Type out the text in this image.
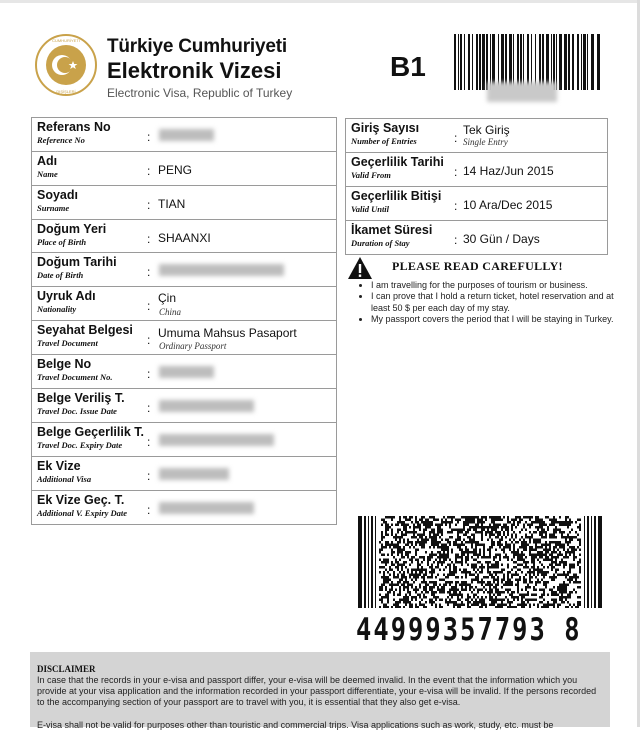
CUMHURİYETİ
DIŞİŞLERİ
Türkiye Cumhuriyeti
Elektronik Vizesi
Electronic Visa, Republic of Turkey
B1
Referans No
Reference No	:

Adı
Name	: PENG

Soyadı
Surname	: TIAN

Doğum Yeri
Place of Birth	: SHAANXI

Doğum Tarihi
Date of Birth	:

Uyruk Adı
Nationality	:
Çin
China

Seyahat Belgesi
Travel Document	: Umuma Mahsus Pasaport
Ordinary Passport

Belge No
Travel Document No.	:

Belge Veriliş T.
Travel Doc. Issue Date	:

Belge Geçerlilik T.
Travel Doc. Expiry Date :

Ek Vize
Additional Visa	:

Ek Vize Geç. T.
Additional V. Expiry Date :
Giriş Sayısı
Number of Entries	:
Tek Giriş
Single Entry

Geçerlilik Tarihi
Valid From	: 14 Haz/Jun 2015

Geçerlilik Bitişi
Valid Until	: 10 Ara/Dec 2015

İkamet Süresi
Duration of Stay	: 30 Gün / Days
PLEASE READ CAREFULLY!
• I am travelling for the purposes of tourism or business.
• I can prove that I hold a return ticket, hotel reservation and at least 50 $ per each day of my stay.
• My passport covers the period that I will be staying in Turkey.
44999357793 8
DISCLAIMER
In case that the records in your e-visa and passport differ, your e-visa will be deemed invalid. In the event that the information which you provide at your visa application and the information recorded in your passport differentiate, your e-visa will be invalid. If the persons recorded to the accompanying section of your passport are to travel with you, it is essential that they also get e-visa.
E-visa shall not be valid for purposes other than touristic and commercial trips. Visa applications such as work, study, etc. must be
